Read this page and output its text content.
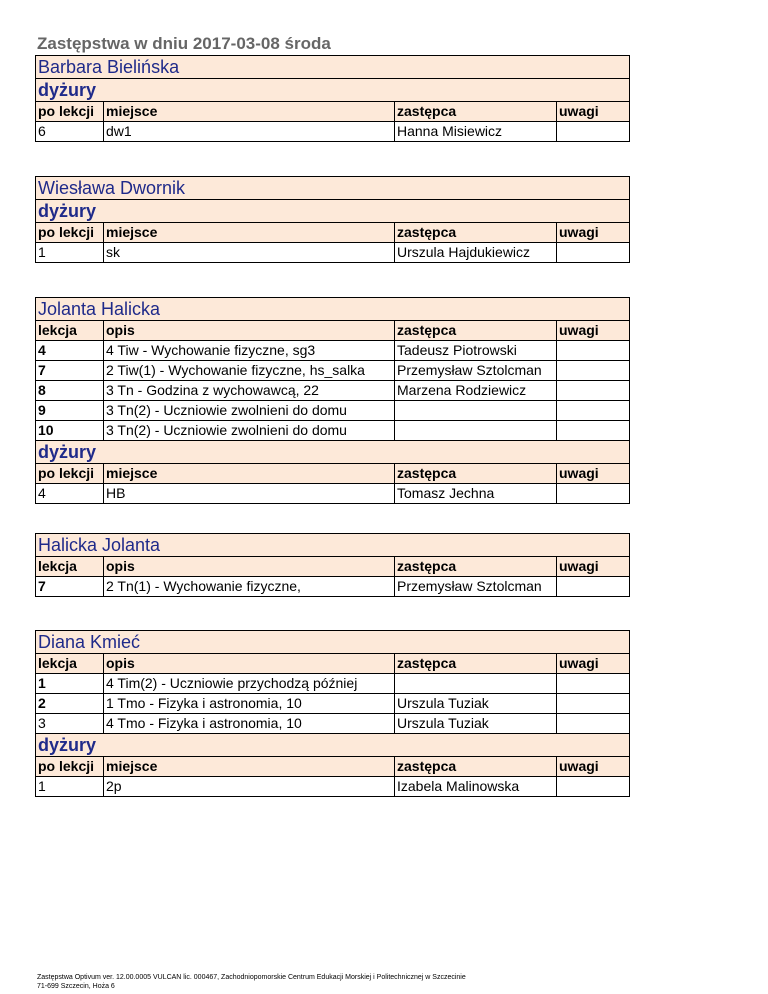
Zastępstwa w dniu 2017-03-08 środa
Barbara Bielińska			
dyżury			
po lekcji	miejsce	zastępca	uwagi
6	dw1	Hanna Misiewicz	
Wiesława Dwornik			
dyżury			
po lekcji	miejsce	zastępca	uwagi
1	sk	Urszula Hajdukiewicz	
Jolanta Halicka			
lekcja	opis	zastępca	uwagi
4	4 Tiw - Wychowanie fizyczne, sg3	Tadeusz Piotrowski	
7	2 Tiw(1) - Wychowanie fizyczne, hs_salka	Przemysław Sztolcman	
8	3 Tn - Godzina z wychowawcą, 22	Marzena Rodziewicz	
9	3 Tn(2) - Uczniowie zwolnieni do domu		
10	3 Tn(2) - Uczniowie zwolnieni do domu		
dyżury			
po lekcji	miejsce	zastępca	uwagi
4	HB	Tomasz Jechna	
Halicka Jolanta			
lekcja	opis	zastępca	uwagi
7	2 Tn(1) - Wychowanie fizyczne,	Przemysław Sztolcman	
Diana Kmieć			
lekcja	opis	zastępca	uwagi
1	4 Tim(2) - Uczniowie przychodzą później		
2	1 Tmo - Fizyka i astronomia, 10	Urszula Tuziak	
3	4 Tmo - Fizyka i astronomia, 10	Urszula Tuziak	
dyżury			
po lekcji	miejsce	zastępca	uwagi
1	2p	Izabela Malinowska	
Zastępstwa Optivum ver. 12.00.0005 VULCAN lic. 000467, Zachodniopomorskie Centrum Edukacji Morskiej i Politechnicznej w Szczecinie
71-699 Szczecin, Hoża 6
